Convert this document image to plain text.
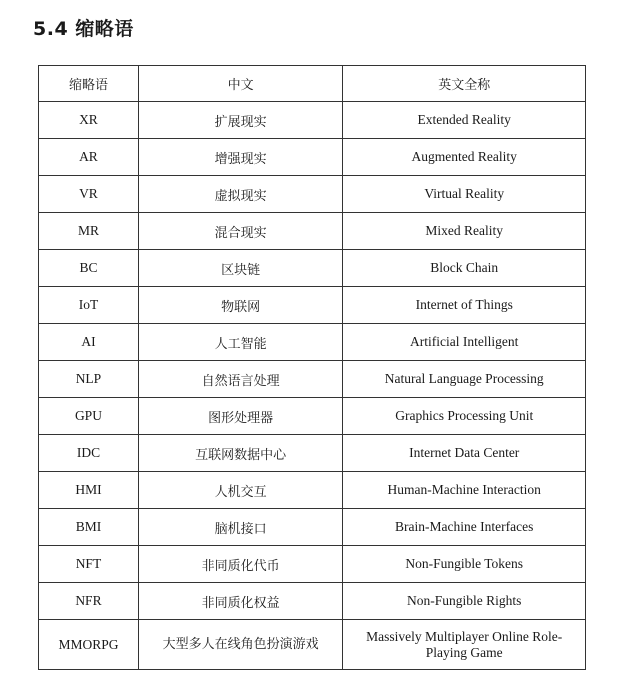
5.4 缩略语
缩略语	中文	英文全称
XR	扩展现实	Extended Reality
AR	增强现实	Augmented Reality
VR	虚拟现实	Virtual Reality
MR	混合现实	Mixed Reality
BC	区块链	Block Chain
IoT	物联网	Internet of Things
AI	人工智能	Artificial Intelligent
NLP	自然语言处理	Natural Language Processing
GPU	图形处理器	Graphics Processing Unit
IDC	互联网数据中心	Internet Data Center
HMI	人机交互	Human-Machine Interaction
BMI	脑机接口	Brain-Machine Interfaces
NFT	非同质化代币	Non-Fungible Tokens
NFR	非同质化权益	Non-Fungible Rights
MMORPG	大型多人在线角色扮演游戏	Massively Multiplayer Online Role-Playing Game
